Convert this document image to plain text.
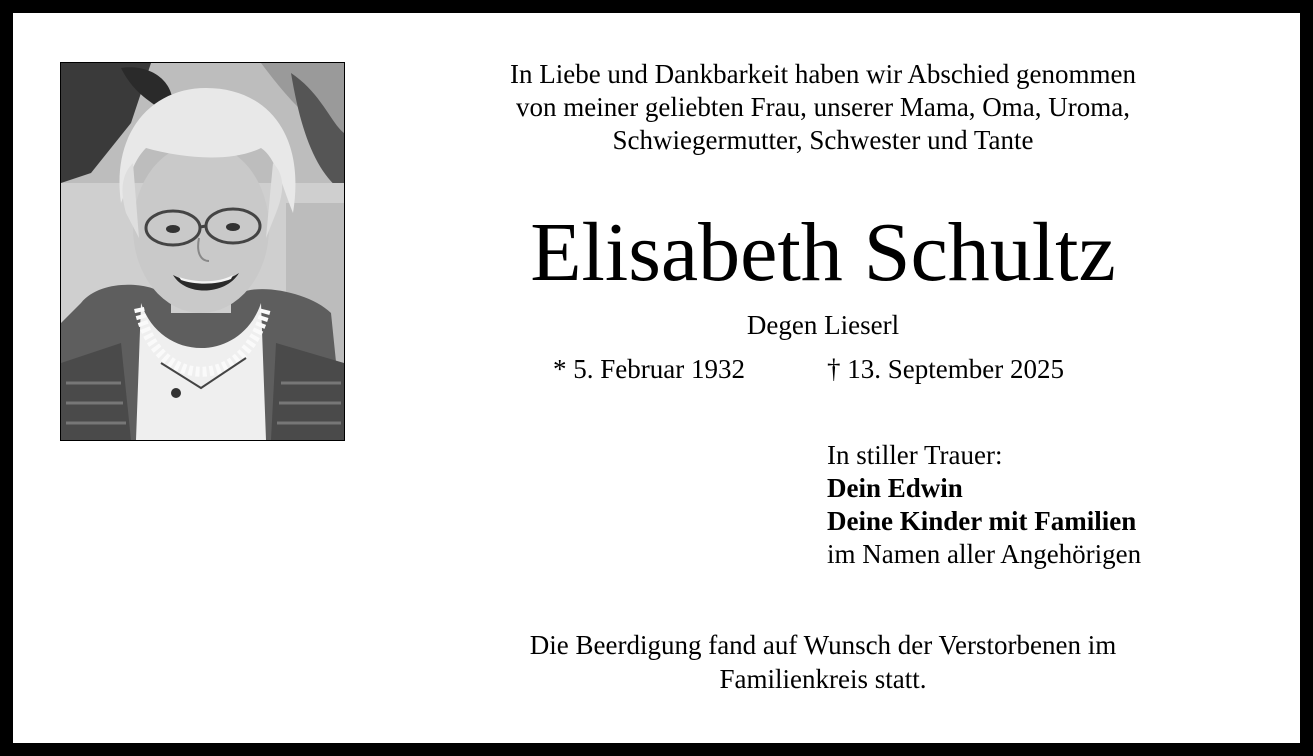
In Liebe und Dankbarkeit haben wir Abschied genommen
von meiner geliebten Frau, unserer Mama, Oma, Uroma,
Schwiegermutter, Schwester und Tante
Elisabeth Schultz
Degen Lieserl
* 5. Februar 1932	† 13. September 2025
In stiller Trauer:
Dein Edwin
Deine Kinder mit Familien
im Namen aller Angehörigen
Die Beerdigung fand auf Wunsch der Verstorbenen im
Familienkreis statt.
